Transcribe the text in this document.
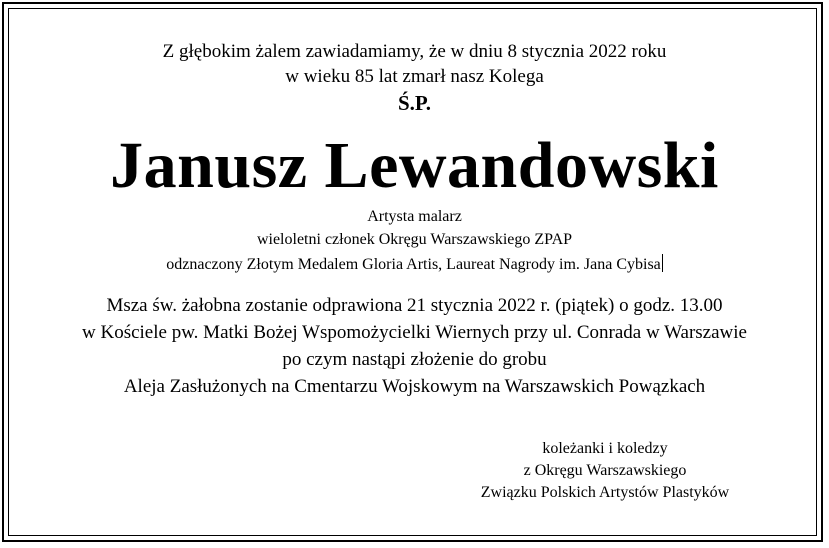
Z głębokim żalem zawiadamiamy, że w dniu 8 stycznia 2022 roku
w wieku 85 lat zmarł nasz Kolega
Ś.P.
Janusz Lewandowski
Artysta malarz
wieloletni członek Okręgu Warszawskiego ZPAP
odznaczony Złotym Medalem Gloria Artis, Laureat Nagrody im. Jana Cybisa
Msza św. żałobna zostanie odprawiona 21 stycznia 2022 r. (piątek) o godz. 13.00
w Kościele pw. Matki Bożej Wspomożycielki Wiernych przy ul. Conrada w Warszawie
po czym nastąpi złożenie do grobu
Aleja Zasłużonych na Cmentarzu Wojskowym na Warszawskich Powązkach
koleżanki i koledzy
z Okręgu Warszawskiego
Związku Polskich Artystów Plastyków
